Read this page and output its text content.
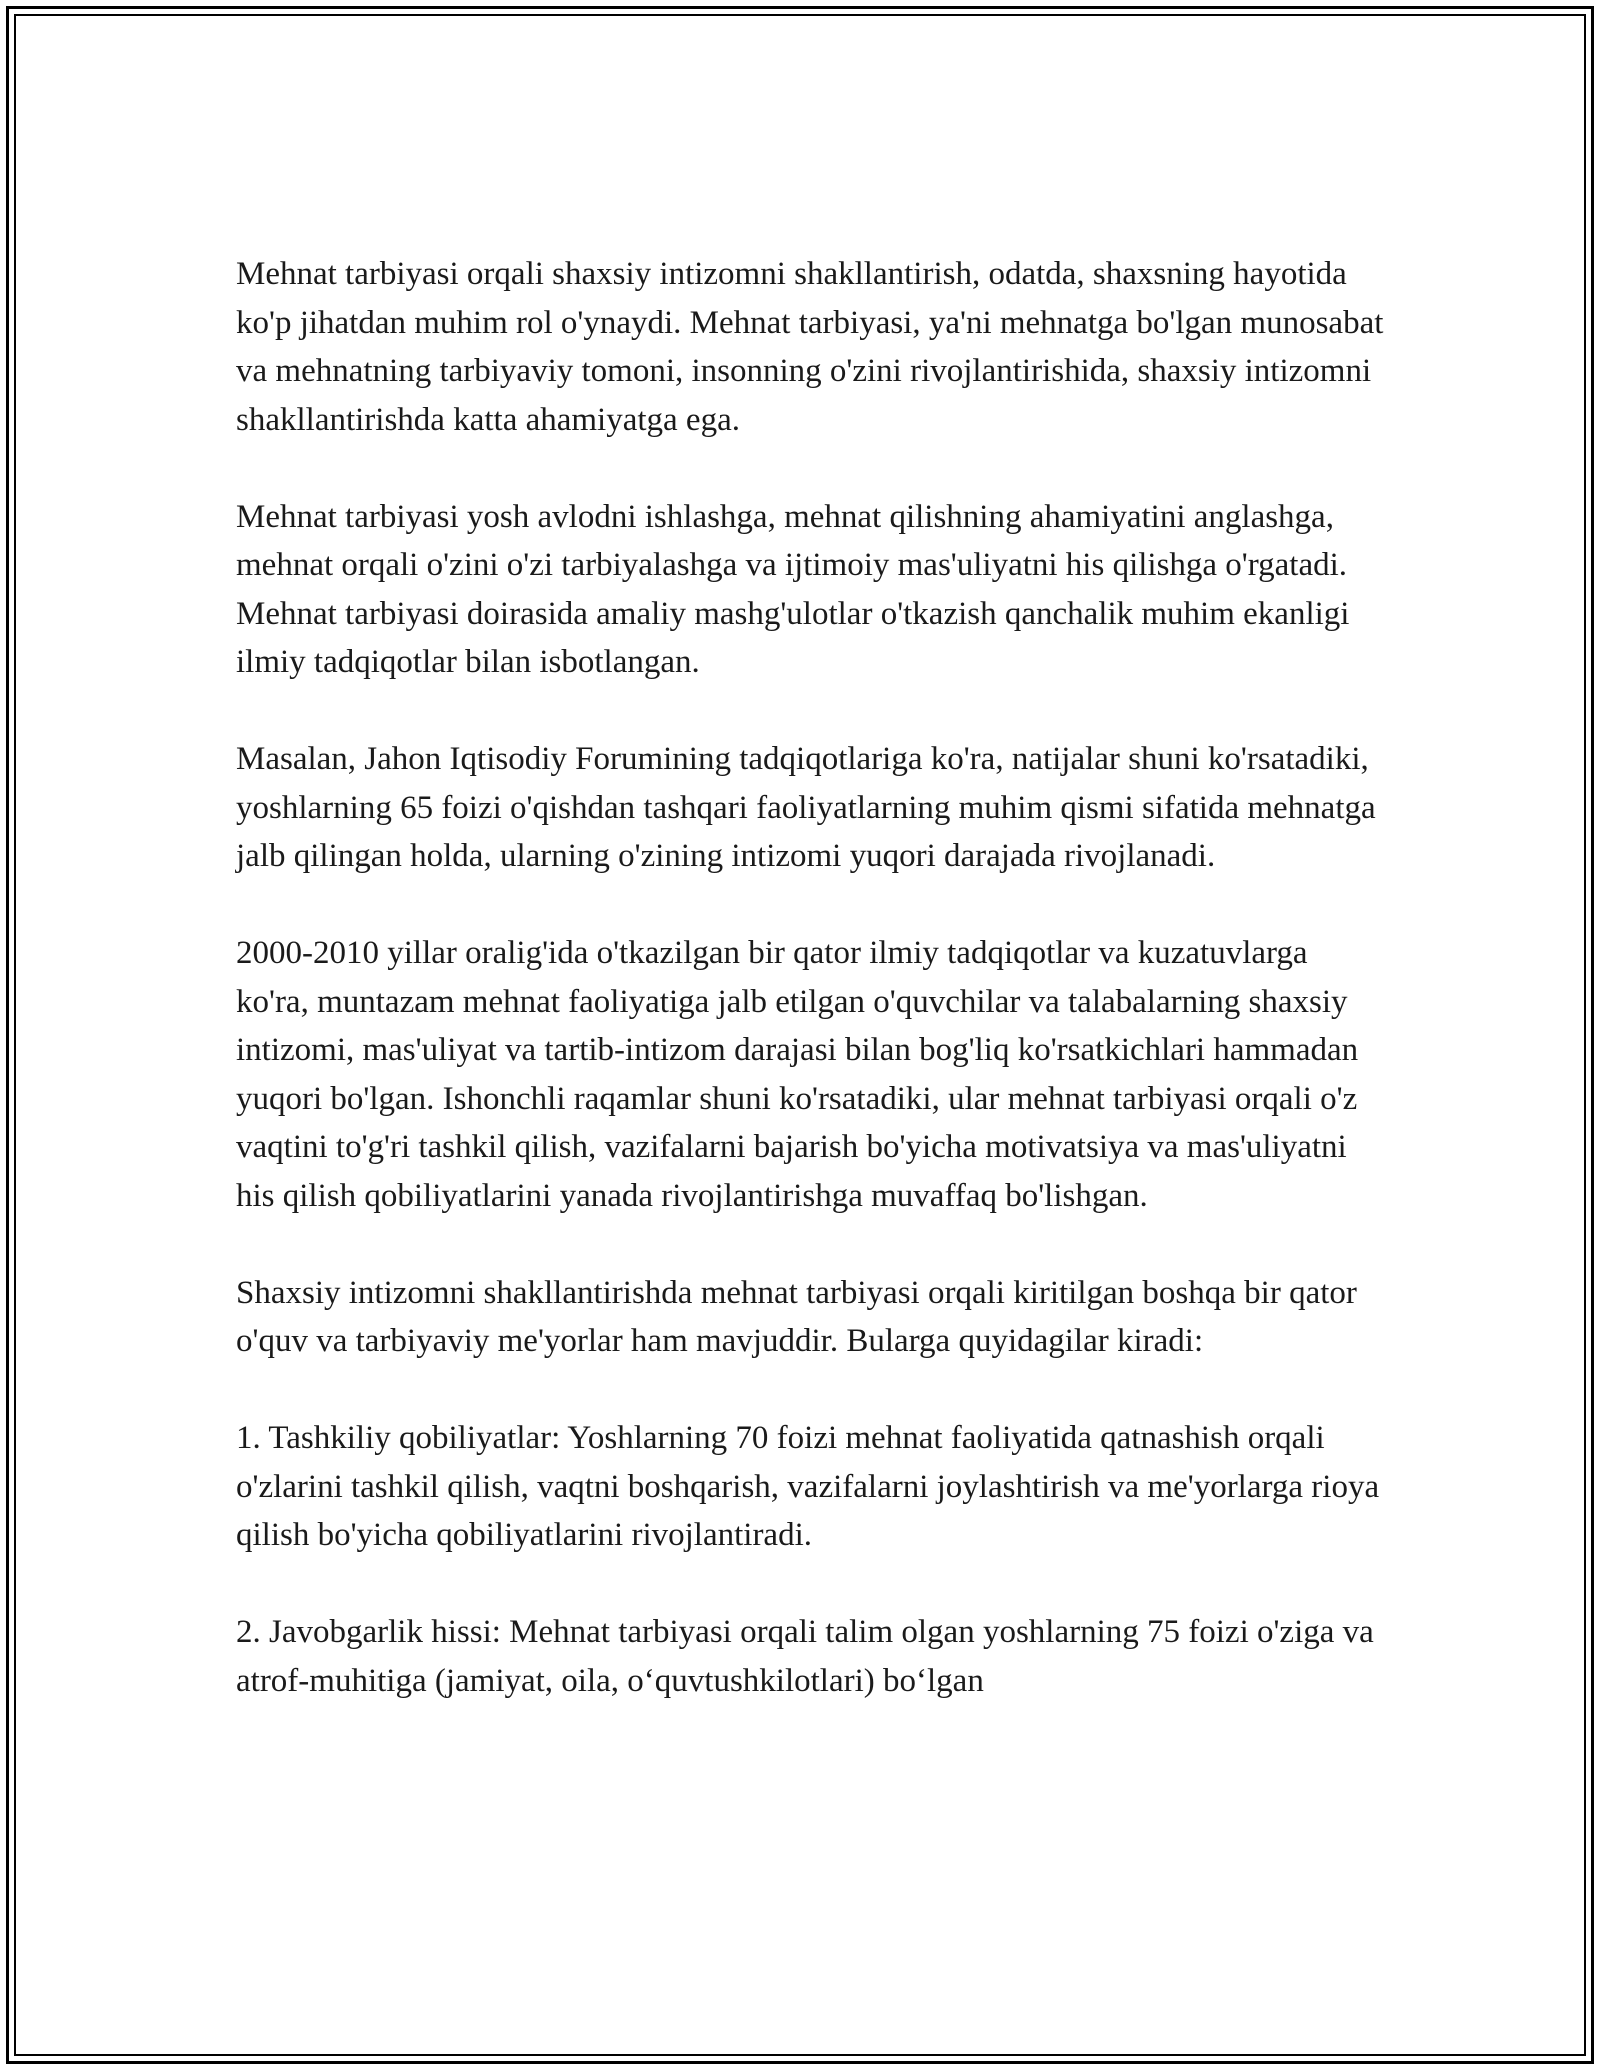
Mehnat tarbiyasi orqali shaxsiy intizomni shakllantirish, odatda, shaxsning hayotida ko'p jihatdan muhim rol o'ynaydi. Mehnat tarbiyasi, ya'ni mehnatga bo'lgan munosabat va mehnatning tarbiyaviy tomoni, insonning o'zini rivojlantirishida, shaxsiy intizomni shakllantirishda katta ahamiyatga ega.

Mehnat tarbiyasi yosh avlodni ishlashga, mehnat qilishning ahamiyatini anglashga, mehnat orqali o'zini o'zi tarbiyalashga va ijtimoiy mas'uliyatni his qilishga o'rgatadi. Mehnat tarbiyasi doirasida amaliy mashg'ulotlar o'tkazish qanchalik muhim ekanligi ilmiy tadqiqotlar bilan isbotlangan.

Masalan, Jahon Iqtisodiy Forumining tadqiqotlariga ko'ra, natijalar shuni ko'rsatadiki, yoshlarning 65 foizi o'qishdan tashqari faoliyatlarning muhim qismi sifatida mehnatga jalb qilingan holda, ularning o'zining intizomi yuqori darajada rivojlanadi.

2000-2010 yillar oralig'ida o'tkazilgan bir qator ilmiy tadqiqotlar va kuzatuvlarga ko'ra, muntazam mehnat faoliyatiga jalb etilgan o'quvchilar va talabalarning shaxsiy intizomi, mas'uliyat va tartib-intizom darajasi bilan bog'liq ko'rsatkichlari hammadan yuqori bo'lgan. Ishonchli raqamlar shuni ko'rsatadiki, ular mehnat tarbiyasi orqali o'z vaqtini to'g'ri tashkil qilish, vazifalarni bajarish bo'yicha motivatsiya va mas'uliyatni his qilish qobiliyatlarini yanada rivojlantirishga muvaffaq bo'lishgan.

Shaxsiy intizomni shakllantirishda mehnat tarbiyasi orqali kiritilgan boshqa bir qator o'quv va tarbiyaviy me'yorlar ham mavjuddir. Bularga quyidagilar kiradi:

1. Tashkiliy qobiliyatlar: Yoshlarning 70 foizi mehnat faoliyatida qatnashish orqali o'zlarini tashkil qilish, vaqtni boshqarish, vazifalarni joylashtirish va me'yorlarga rioya qilish bo'yicha qobiliyatlarini rivojlantiradi.

2. Javobgarlik hissi: Mehnat tarbiyasi orqali talim olgan yoshlarning 75 foizi o'ziga va atrof-muhitiga (jamiyat, oila, o‘quvtushkilotlari) bo‘lgan
